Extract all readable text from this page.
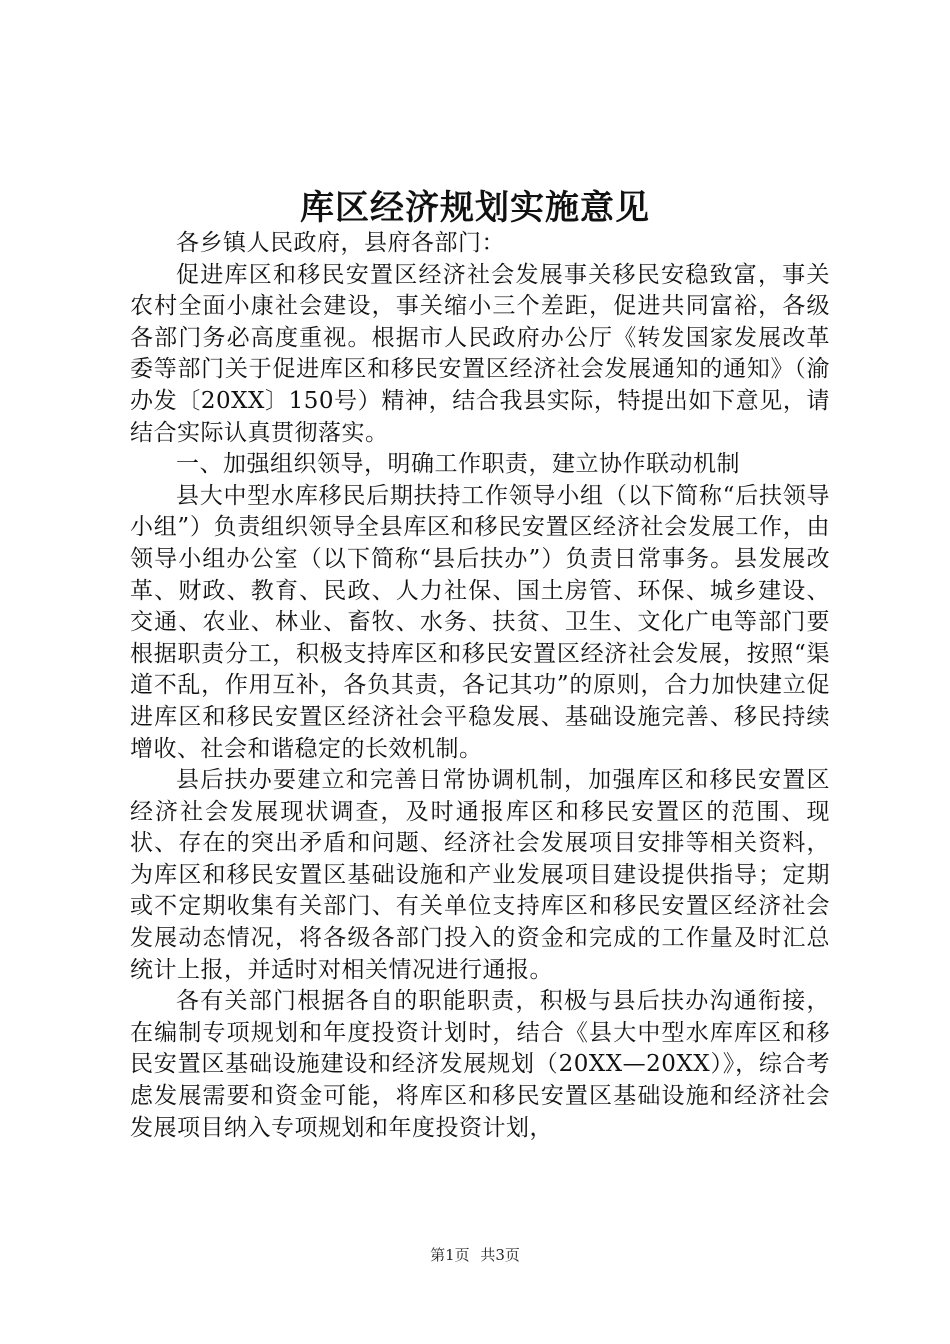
库区经济规划实施意见

各乡镇人民政府，县府各部门：

促进库区和移民安置区经济社会发展事关移民安稳致富，事关农村全面小康社会建设，事关缩小三个差距，促进共同富裕，各级各部门务必高度重视。根据市人民政府办公厅《转发国家发展改革委等部门关于促进库区和移民安置区经济社会发展通知的通知》（渝办发〔20XX〕150号）精神，结合我县实际，特提出如下意见，请结合实际认真贯彻落实。

一、加强组织领导，明确工作职责，建立协作联动机制

县大中型水库移民后期扶持工作领导小组（以下简称“后扶领导小组”）负责组织领导全县库区和移民安置区经济社会发展工作，由领导小组办公室（以下简称“县后扶办”）负责日常事务。县发展改革、财政、教育、民政、人力社保、国土房管、环保、城乡建设、交通、农业、林业、畜牧、水务、扶贫、卫生、文化广电等部门要根据职责分工，积极支持库区和移民安置区经济社会发展，按照“渠道不乱，作用互补，各负其责，各记其功”的原则，合力加快建立促进库区和移民安置区经济社会平稳发展、基础设施完善、移民持续增收、社会和谐稳定的长效机制。

县后扶办要建立和完善日常协调机制，加强库区和移民安置区经济社会发展现状调查，及时通报库区和移民安置区的范围、现状、存在的突出矛盾和问题、经济社会发展项目安排等相关资料，为库区和移民安置区基础设施和产业发展项目建设提供指导；定期或不定期收集有关部门、有关单位支持库区和移民安置区经济社会发展动态情况，将各级各部门投入的资金和完成的工作量及时汇总统计上报，并适时对相关情况进行通报。

各有关部门根据各自的职能职责，积极与县后扶办沟通衔接，在编制专项规划和年度投资计划时，结合《县大中型水库库区和移民安置区基础设施建设和经济发展规划（20XX—20XX）》，综合考虑发展需要和资金可能，将库区和移民安置区基础设施和经济社会发展项目纳入专项规划和年度投资计划，

第1页 共3页
